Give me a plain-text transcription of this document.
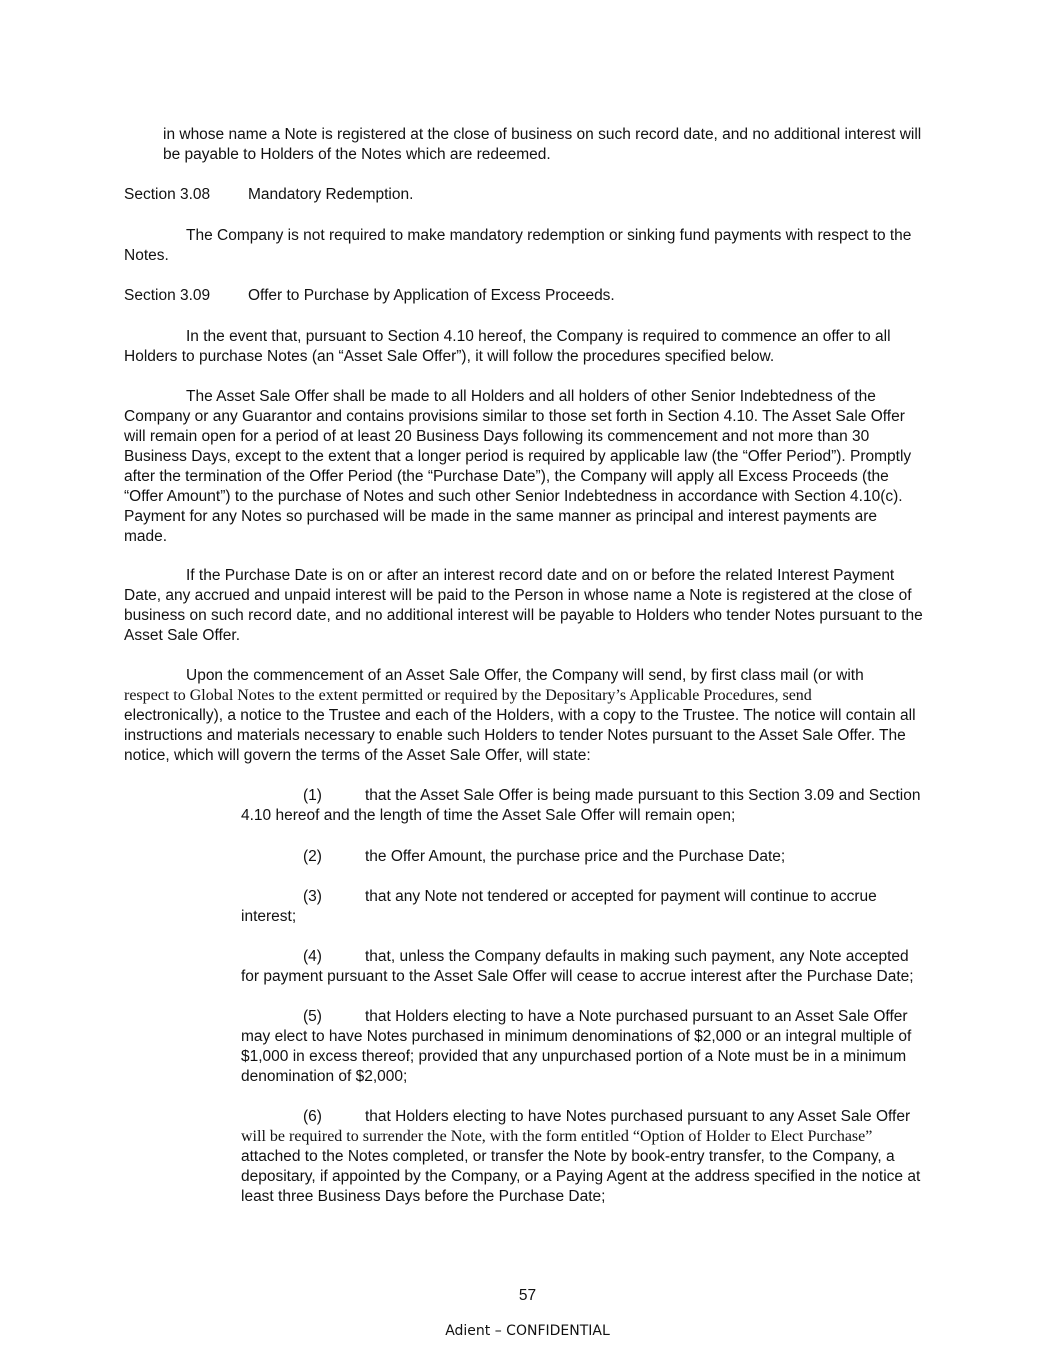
in whose name a Note is registered at the close of business on such record date, and no additional interest will be payable to Holders of the Notes which are redeemed.

Section 3.08 Mandatory Redemption.

The Company is not required to make mandatory redemption or sinking fund payments with respect to the Notes.

Section 3.09 Offer to Purchase by Application of Excess Proceeds.

In the event that, pursuant to Section 4.10 hereof, the Company is required to commence an offer to all Holders to purchase Notes (an “Asset Sale Offer”), it will follow the procedures specified below.

The Asset Sale Offer shall be made to all Holders and all holders of other Senior Indebtedness of the Company or any Guarantor and contains provisions similar to those set forth in Section 4.10. The Asset Sale Offer will remain open for a period of at least 20 Business Days following its commencement and not more than 30 Business Days, except to the extent that a longer period is required by applicable law (the “Offer Period”). Promptly after the termination of the Offer Period (the “Purchase Date”), the Company will apply all Excess Proceeds (the “Offer Amount”) to the purchase of Notes and such other Senior Indebtedness in accordance with Section 4.10(c). Payment for any Notes so purchased will be made in the same manner as principal and interest payments are made.

If the Purchase Date is on or after an interest record date and on or before the related Interest Payment Date, any accrued and unpaid interest will be paid to the Person in whose name a Note is registered at the close of business on such record date, and no additional interest will be payable to Holders who tender Notes pursuant to the Asset Sale Offer.

Upon the commencement of an Asset Sale Offer, the Company will send, by first class mail (or with
respect to Global Notes to the extent permitted or required by the Depositary’s Applicable Procedures, send
electronically), a notice to the Trustee and each of the Holders, with a copy to the Trustee. The notice will contain all instructions and materials necessary to enable such Holders to tender Notes pursuant to the Asset Sale Offer. The notice, which will govern the terms of the Asset Sale Offer, will state:

(1)	that the Asset Sale Offer is being made pursuant to this Section 3.09 and Section 4.10 hereof and the length of time the Asset Sale Offer will remain open;

(2)	the Offer Amount, the purchase price and the Purchase Date;

(3)	that any Note not tendered or accepted for payment will continue to accrue interest;

(4)	that, unless the Company defaults in making such payment, any Note accepted for payment pursuant to the Asset Sale Offer will cease to accrue interest after the Purchase Date;

(5)	that Holders electing to have a Note purchased pursuant to an Asset Sale Offer may elect to have Notes purchased in minimum denominations of $2,000 or an integral multiple of $1,000 in excess thereof; provided that any unpurchased portion of a Note must be in a minimum denomination of $2,000;

(6)	that Holders electing to have Notes purchased pursuant to any Asset Sale Offer
will be required to surrender the Note, with the form entitled “Option of Holder to Elect Purchase”
attached to the Notes completed, or transfer the Note by book-entry transfer, to the Company, a depositary, if appointed by the Company, or a Paying Agent at the address specified in the notice at least three Business Days before the Purchase Date;

57

Adient – CONFIDENTIAL
